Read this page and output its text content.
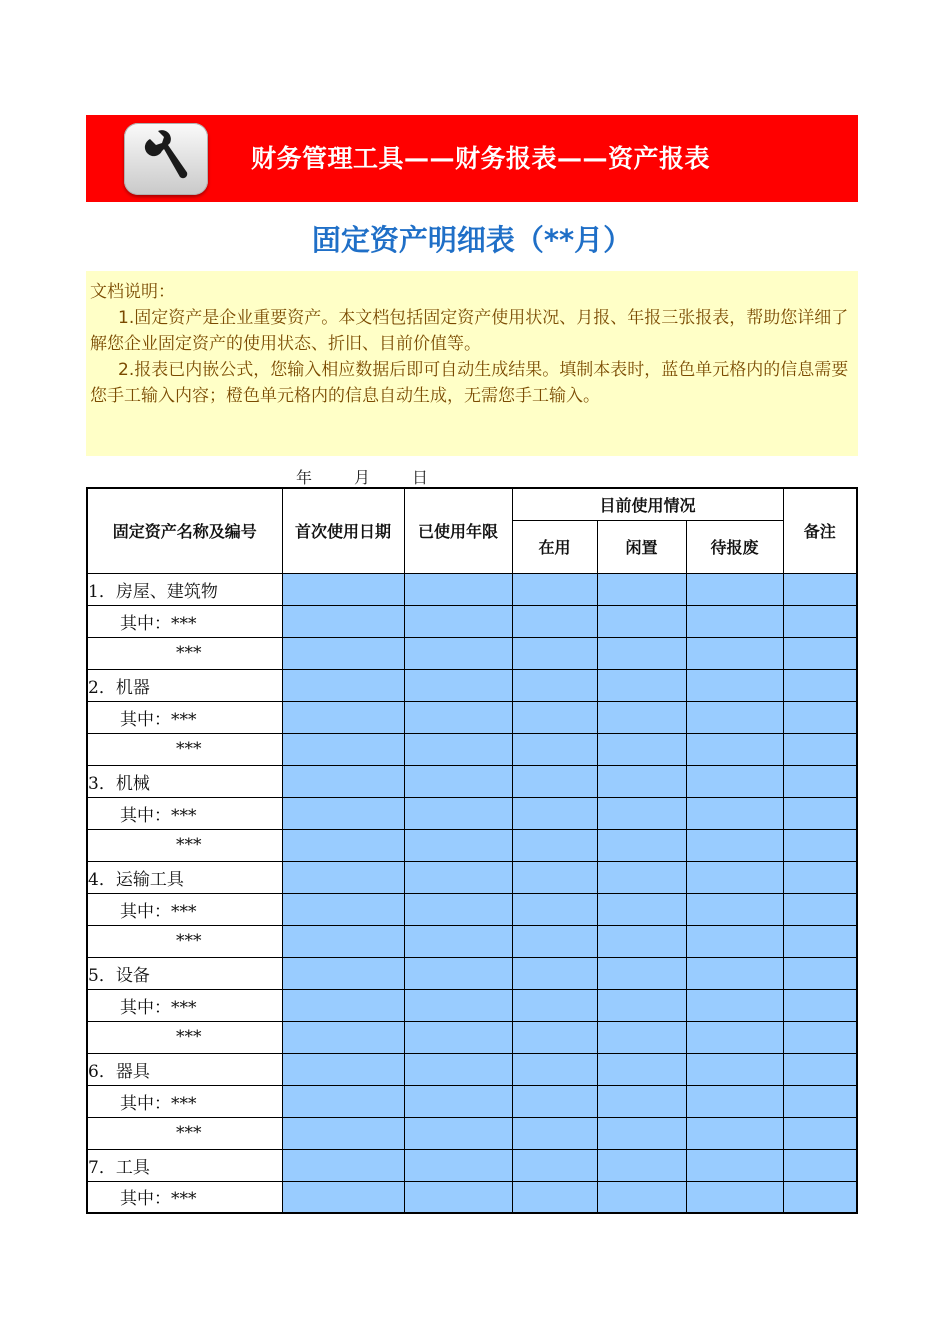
财务管理工具——财务报表——资产报表
固定资产明细表（**月）

文档说明：

1.固定资产是企业重要资产。本文档包括固定资产使用状况、月报、年报三张报表，帮助您详细了解您企业固定资产的使用状态、折旧、目前价值等。

2.报表已内嵌公式，您输入相应数据后即可自动生成结果。填制本表时，蓝色单元格内的信息需要您手工输入内容；橙色单元格内的信息自动生成，无需您手工输入。

年	月	日
固定资产名称及编号	首次使用日期	已使用年限	目前使用情况			备注
			在用	闲置	待报废	
1．房屋、建筑物						
其中：***						
***						
2．机器						
其中：***						
***						
3．机械						
其中：***						
***						
4．运输工具						
其中：***						
***						
5．设备						
其中：***						
***						
6．器具						
其中：***						
***						
7．工具						
其中：***						
